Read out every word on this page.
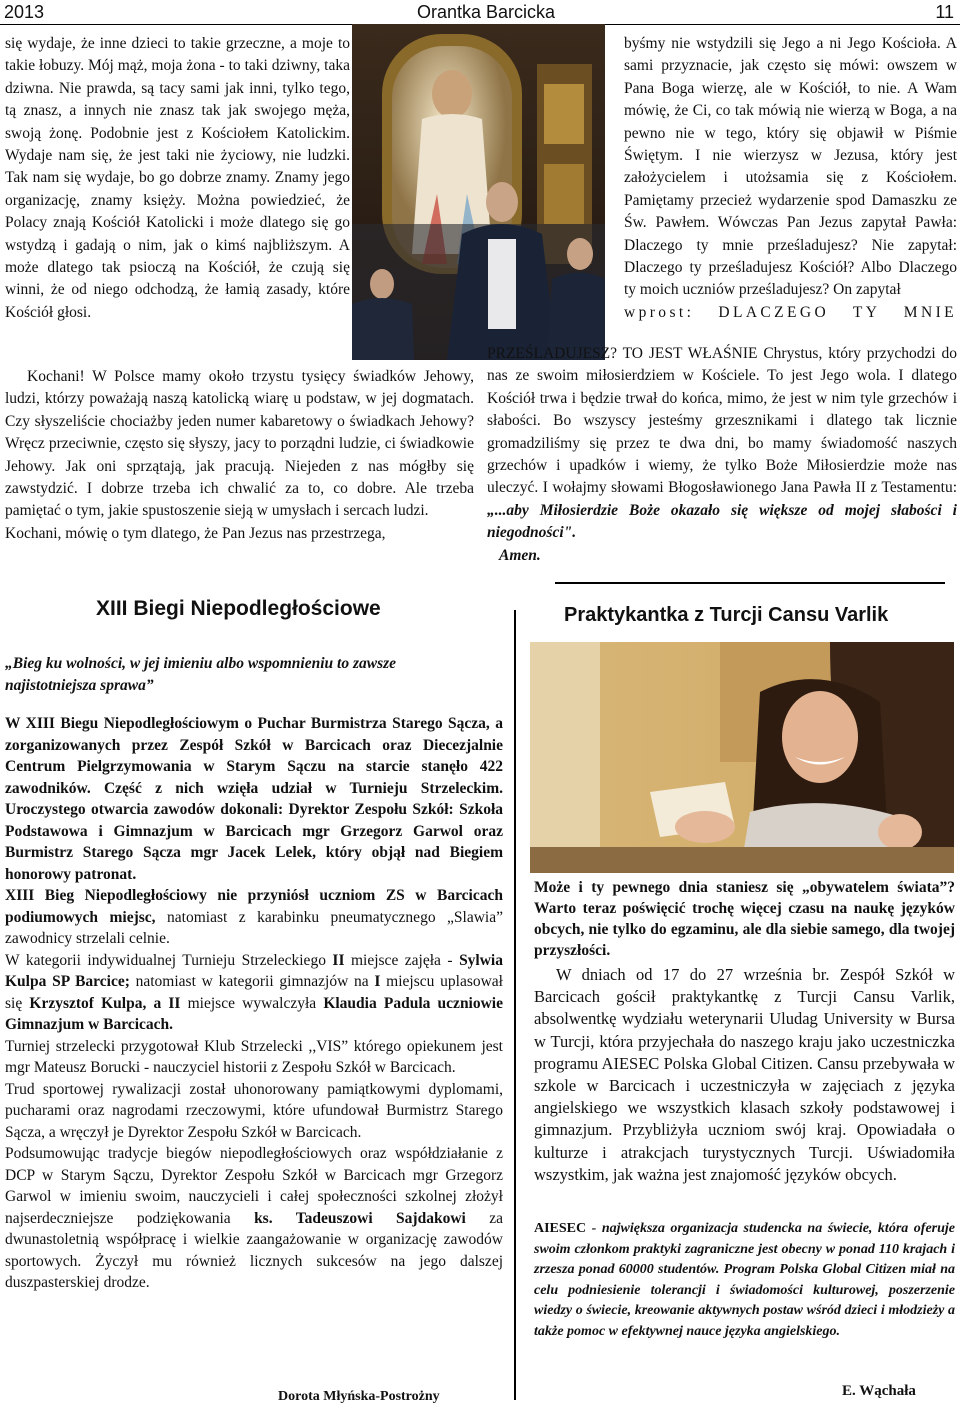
2013	Orantka Barcicka	11

się wydaje, że inne dzieci to takie grzeczne, a moje to takie łobuzy. Mój mąż, moja żona - to taki dziwny, taka dziwna. Nie prawda, są tacy sami jak inni, tylko tego, tą znasz, a innych nie znasz tak jak swojego męża, swoją żonę. Podobnie jest z Kościołem Katolickim. Wydaje nam się, że jest taki nie życiowy, nie ludzki. Tak nam się wydaje, bo go dobrze znamy. Znamy jego organizację, znamy księży. Można powiedzieć, że Polacy znają Kościół Katolicki i może dlatego się go wstydzą i gadają o nim, jak o kimś najbliższym. A może dlatego tak psioczą na Kościół, że czują się winni, że od niego odchodzą, że łamią zasady, które Kościół głosi.

Kochani! W Polsce mamy około trzystu tysięcy świadków Jehowy, ludzi, którzy poważają naszą katolicką wiarę u podstaw, w jej dogmatach. Czy słyszeliście chociażby jeden numer kabaretowy o świadkach Jehowy? Wręcz przeciwnie, często się słyszy, jacy to porządni ludzie, ci świadkowie Jehowy. Jak oni sprzątają, jak pracują. Niejeden z nas mógłby się zawstydzić. I dobrze trzeba ich chwalić za to, co dobre. Ale trzeba pamiętać o tym, jakie spustoszenie sieją w umysłach i sercach ludzi.

Kochani, mówię o tym dlatego, że Pan Jezus nas przestrzega,

byśmy nie wstydzili się Jego a ni Jego Kościoła. A sami przyznacie, jak często się mówi: owszem w Pana Boga wierzę, ale w Kościół, to nie. A Wam mówię, że Ci, co tak mówią nie wierzą w Boga, a na pewno nie w tego, który się objawił w Piśmie Świętym. I nie wierzysz w Jezusa, który jest założycielem i utożsamia się z Kościołem. Pamiętamy przecież wydarzenie spod Damaszku ze Św. Pawłem. Wówczas Pan Jezus zapytał Pawła: Dlaczego ty mnie prześladujesz? Nie zapytał: Dlaczego ty prześladujesz Kościół? Albo Dlaczego ty moich uczniów prześladujesz? On zapytał

wprost: DLACZEGO TY MNIE

PRZEŚLADUJESZ? TO JEST WŁAŚNIE Chrystus, który przychodzi do nas ze swoim miłosierdziem w Kościele. To jest Jego wola. I dlatego Kościół trwa i będzie trwał do końca, mimo, że jest w nim tyle grzechów i słabości. Bo wszyscy jesteśmy grzesznikami i dlatego tak licznie gromadziliśmy się przez te dwa dni, bo mamy świadomość naszych grzechów i upadków i wiemy, że tylko Boże Miłosierdzie może nas uleczyć. I wołajmy słowami Błogosławionego Jana Pawła II z Testamentu: „...aby Miłosierdzie Boże okazało się większe od mojej słabości i niegodności".

Amen.

XIII Biegi Niepodległościowe
„Bieg ku wolności, w jej imieniu albo wspomnieniu to zawsze najistotniejsza sprawa”

W XIII Biegu Niepodległościowym o Puchar Burmistrza Starego Sącza, a zorganizowanych przez Zespół Szkół w Barcicach oraz Diecezjalnie Centrum Pielgrzymowania w Starym Sączu na starcie stanęło 422 zawodników. Część z nich wzięła udział w Turnieju Strzeleckim. Uroczystego otwarcia zawodów dokonali: Dyrektor Zespołu Szkół: Szkoła Podstawowa i Gimnazjum w Barcicach mgr Grzegorz Garwol oraz Burmistrz Starego Sącza mgr Jacek Lelek, który objął nad Biegiem honorowy patronat.

XIII Bieg Niepodległościowy nie przyniósł uczniom ZS w Barcicach podiumowych miejsc, natomiast z karabinku pneumatycznego „Slawia” zawodnicy strzelali celnie.

W kategorii indywidualnej Turnieju Strzeleckiego II miejsce zajęła - Sylwia Kulpa SP Barcice; natomiast w kategorii gimnazjów na I miejscu uplasował się Krzysztof Kulpa, a II miejsce wywalczyła Klaudia Padula uczniowie Gimnazjum w Barcicach.

Turniej strzelecki przygotował Klub Strzelecki ,,VIS” którego opiekunem jest mgr Mateusz Borucki - nauczyciel historii z Zespołu Szkół w Barcicach.

Trud sportowej rywalizacji został uhonorowany pamiątkowymi dyplomami, pucharami oraz nagrodami rzeczowymi, które ufundował Burmistrz Starego Sącza, a wręczył je Dyrektor Zespołu Szkół w Barcicach.

Podsumowując tradycje biegów niepodległościowych oraz współdziałanie z DCP w Starym Sączu, Dyrektor Zespołu Szkół w Barcicach mgr Grzegorz Garwol w imieniu swoim, nauczycieli i całej społeczności szkolnej złożył najserdeczniejsze podziękowania ks. Tadeuszowi Sajdakowi za dwunastoletnią współpracę i wielkie zaangażowanie w organizację zawodów sportowych. Życzył mu również licznych sukcesów na jego dalszej duszpasterskiej drodze.

Dorota Młyńska-Postrożny
Praktykantka z Turcji Cansu Varlik
Może i ty pewnego dnia staniesz się „obywatelem świata”? Warto teraz poświęcić trochę więcej czasu na naukę języków obcych, nie tylko do egzaminu, ale dla siebie samego, dla twojej przyszłości.

W dniach od 17 do 27 września br. Zespół Szkół w Barcicach gościł praktykantkę z Turcji Cansu Varlik, absolwentkę wydziału weterynarii Uludag University w Bursa w Turcji, która przyjechała do naszego kraju jako uczestniczka programu AIESEC Polska Global Citizen. Cansu przebywała w szkole w Barcicach i uczestniczyła w zajęciach z języka angielskiego we wszystkich klasach szkoły podstawowej i gimnazjum. Przybliżyła uczniom swój kraj. Opowiadała o kulturze i atrakcjach turystycznych Turcji. Uświadomiła wszystkim, jak ważna jest znajomość języków obcych.

AIESEC - największa organizacja studencka na świecie, która oferuje swoim członkom praktyki zagraniczne jest obecny w ponad 110 krajach i zrzesza ponad 60000 studentów. Program Polska Global Citizen miał na celu podniesienie tolerancji i świadomości kulturowej, poszerzenie wiedzy o świecie, kreowanie aktywnych postaw wśród dzieci i młodzieży a także pomoc w efektywnej nauce języka angielskiego.

E. Wąchała
